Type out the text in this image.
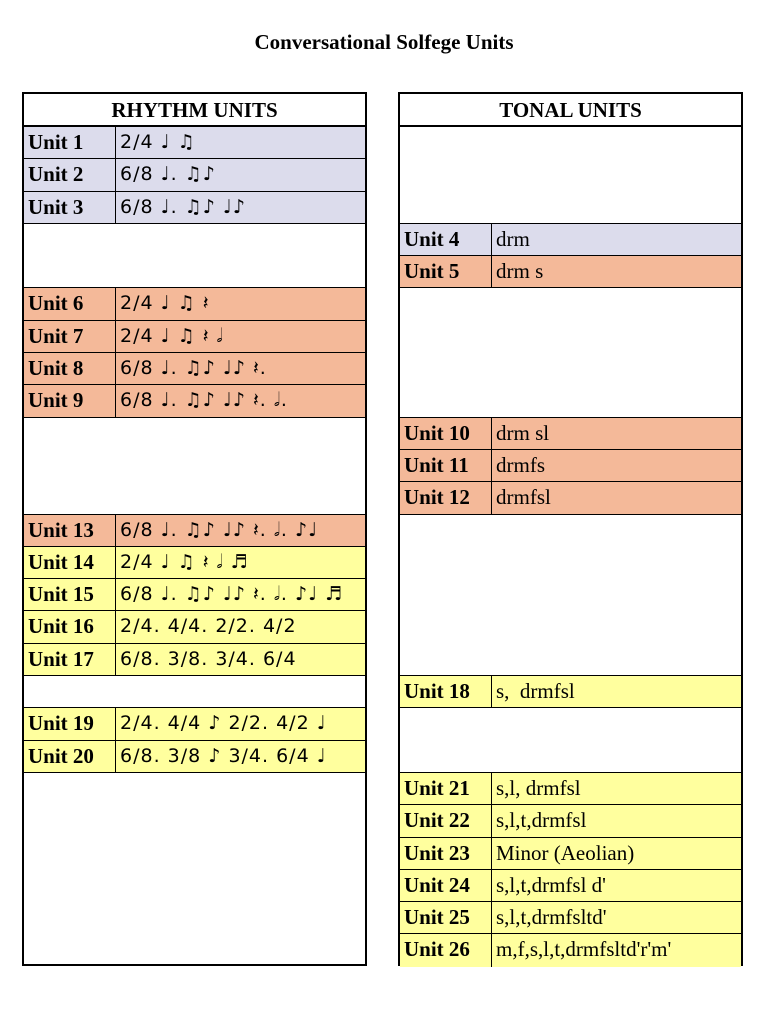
Conversational Solfege Units
RHYTHM UNITS
Unit 1	2/4 ♩ ♫
Unit 2	6/8 ♩. ♫♪
Unit 3	6/8 ♩. ♫♪ ♩♪
Unit 6	2/4 ♩ ♫ 𝄽
Unit 7	2/4 ♩ ♫ 𝄽 𝅗𝅥
Unit 8	6/8 ♩. ♫♪ ♩♪ 𝄽.
Unit 9	6/8 ♩. ♫♪ ♩♪ 𝄽. 𝅗𝅥.
Unit 13	6/8 ♩. ♫♪ ♩♪ 𝄽. 𝅗𝅥. ♪♩
Unit 14	2/4 ♩ ♫ 𝄽 𝅗𝅥 ♬
Unit 15	6/8 ♩. ♫♪ ♩♪ 𝄽. 𝅗𝅥. ♪♩ ♬
Unit 16	2/4. 4/4. 2/2. 4/2
Unit 17	6/8. 3/8. 3/4. 6/4
Unit 19	2/4. 4/4 ♪ 2/2. 4/2 ♩
Unit 20	6/8. 3/8 ♪ 3/4. 6/4 ♩
TONAL UNITS
Unit 4	drm
Unit 5	drm s
Unit 10	drm sl
Unit 11	drmfs
Unit 12	drmfsl
Unit 18	s,  drmfsl
Unit 21	s,l, drmfsl
Unit 22	s,l,t,drmfsl
Unit 23	Minor (Aeolian)
Unit 24	s,l,t,drmfsl d'
Unit 25	s,l,t,drmfsltd'
Unit 26	m,f,s,l,t,drmfsltd'r'm'
